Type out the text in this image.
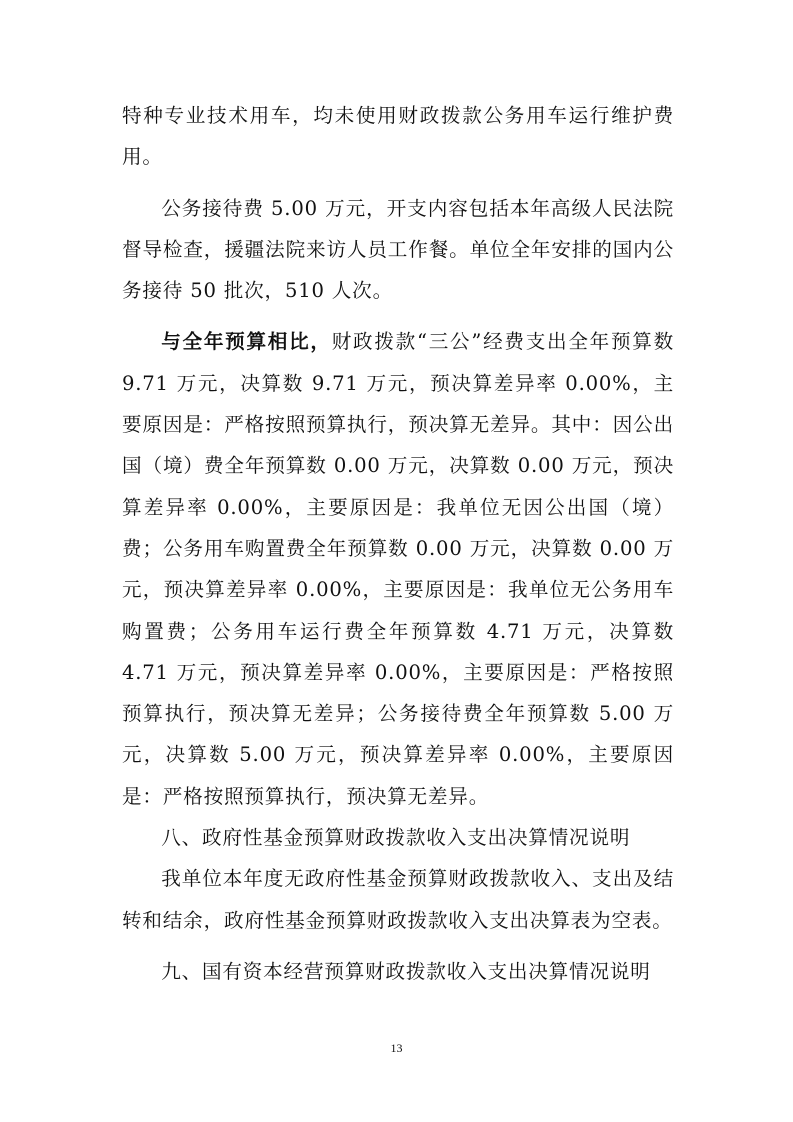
特种专业技术用车，均未使用财政拨款公务用车运行维护费用。

公务接待费 5.00 万元，开支内容包括本年高级人民法院督导检查，援疆法院来访人员工作餐。单位全年安排的国内公务接待 50 批次，510 人次。

与全年预算相比，财政拨款“三公”经费支出全年预算数 9.71 万元，决算数 9.71 万元，预决算差异率 0.00%，主要原因是：严格按照预算执行，预决算无差异。其中：因公出国（境）费全年预算数 0.00 万元，决算数 0.00 万元，预决算差异率 0.00%，主要原因是：我单位无因公出国（境）费；公务用车购置费全年预算数 0.00 万元，决算数 0.00 万元，预决算差异率 0.00%，主要原因是：我单位无公务用车购置费；公务用车运行费全年预算数 4.71 万元，决算数 4.71 万元，预决算差异率 0.00%，主要原因是：严格按照预算执行，预决算无差异；公务接待费全年预算数 5.00 万元，决算数 5.00 万元，预决算差异率 0.00%，主要原因是：严格按照预算执行，预决算无差异。

八、政府性基金预算财政拨款收入支出决算情况说明

我单位本年度无政府性基金预算财政拨款收入、支出及结转和结余，政府性基金预算财政拨款收入支出决算表为空表。

九、国有资本经营预算财政拨款收入支出决算情况说明

13
